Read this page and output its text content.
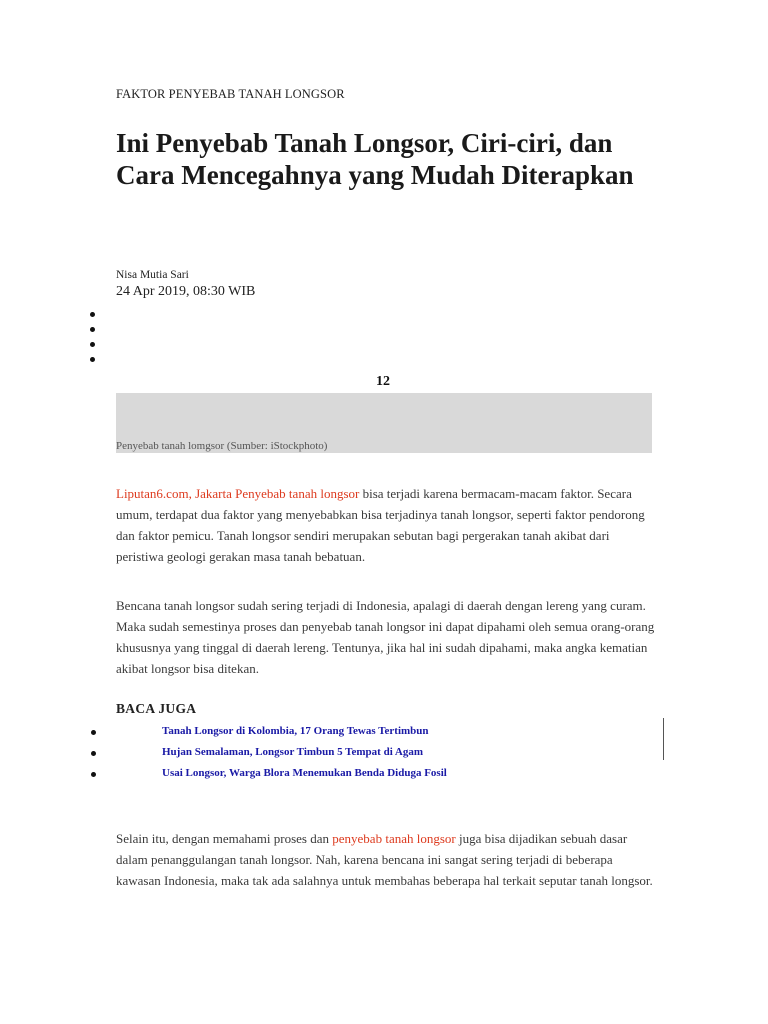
FAKTOR PENYEBAB TANAH LONGSOR
Ini Penyebab Tanah Longsor, Ciri-ciri, dan Cara Mencegahnya yang Mudah Diterapkan
Nisa Mutia Sari
24 Apr 2019, 08:30 WIB
12
Penyebab tanah lomgsor (Sumber: iStockphoto)

Liputan6.com, Jakarta Penyebab tanah longsor bisa terjadi karena bermacam-macam faktor. Secara umum, terdapat dua faktor yang menyebabkan bisa terjadinya tanah longsor, seperti faktor pendorong dan faktor pemicu. Tanah longsor sendiri merupakan sebutan bagi pergerakan tanah akibat dari peristiwa geologi gerakan masa tanah bebatuan.

Bencana tanah longsor sudah sering terjadi di Indonesia, apalagi di daerah dengan lereng yang curam. Maka sudah semestinya proses dan penyebab tanah longsor ini dapat dipahami oleh semua orang-orang khususnya yang tinggal di daerah lereng. Tentunya, jika hal ini sudah dipahami, maka angka kematian akibat longsor bisa ditekan.

BACA JUGA
Tanah Longsor di Kolombia, 17 Orang Tewas Tertimbun
Hujan Semalaman, Longsor Timbun 5 Tempat di Agam
Usai Longsor, Warga Blora Menemukan Benda Diduga Fosil

Selain itu, dengan memahami proses dan penyebab tanah longsor juga bisa dijadikan sebuah dasar dalam penanggulangan tanah longsor. Nah, karena bencana ini sangat sering terjadi di beberapa kawasan Indonesia, maka tak ada salahnya untuk membahas beberapa hal terkait seputar tanah longsor.
